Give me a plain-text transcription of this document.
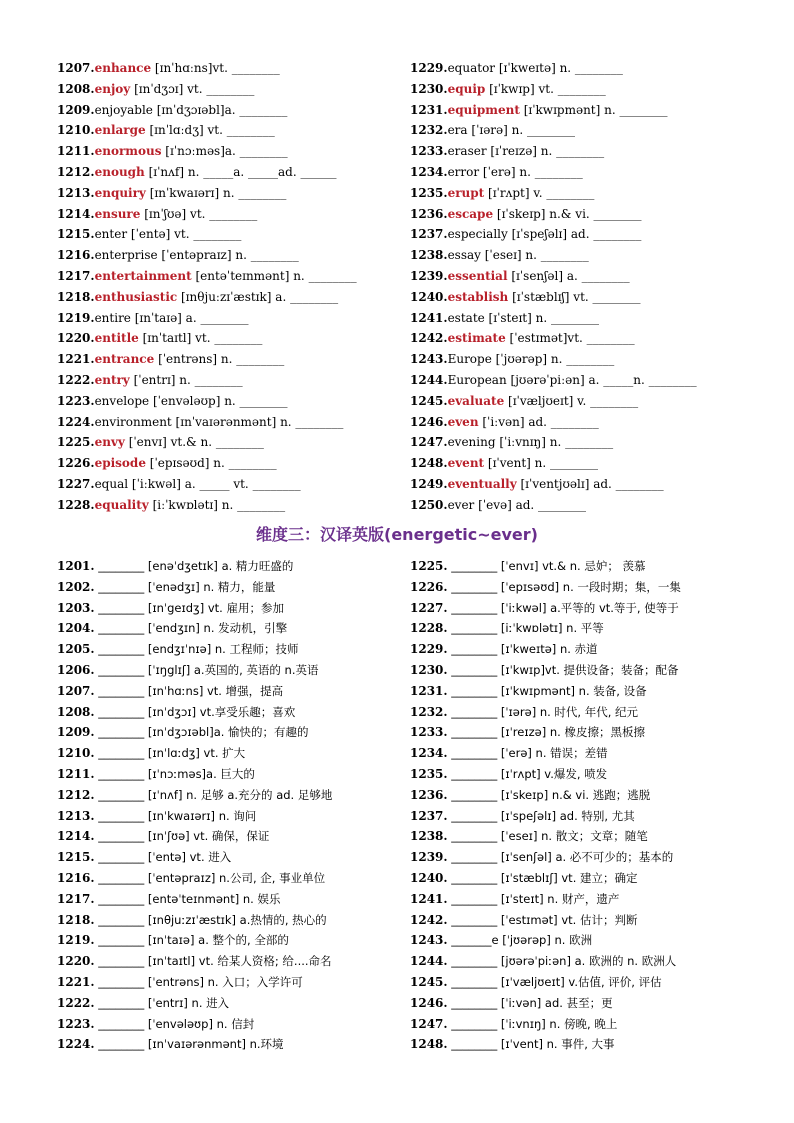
1207.enhance [ɪnˈhɑːns]vt. ________
1208.enjoy [ɪnˈdʒɔɪ] vt. ________
1209.enjoyable [ɪnˈdʒɔɪəbl]a. ________
1210.enlarge [ɪnˈlɑːdʒ] vt. ________
1211.enormous [ɪˈnɔːməs]a. ________
1212.enough [ɪˈnʌf] n. _____a. _____ad. ______
1213.enquiry [ɪnˈkwaɪərɪ] n. ________
1214.ensure [ɪnˈʃʊə] vt. ________
1215.enter [ˈentə] vt. ________
1216.enterprise [ˈentəpraɪz] n. ________
1217.entertainment [entəˈteɪnmənt] n. ________
1218.enthusiastic [ɪnθjuːzɪˈæstɪk] a. ________
1219.entire [ɪnˈtaɪə] a. ________
1220.entitle [ɪnˈtaɪtl] vt. ________
1221.entrance [ˈentrəns] n. ________
1222.entry [ˈentrɪ] n. ________
1223.envelope [ˈenvələʊp] n. ________
1224.environment [ɪnˈvaɪərənmənt] n. ________
1225.envy [ˈenvɪ] vt.& n. ________
1226.episode [ˈepɪsəʊd] n. ________
1227.equal [ˈiːkwəl] a. _____ vt. ________
1228.equality [iːˈkwɒlətɪ] n. ________
1229.equator [ɪˈkweɪtə] n. ________
1230.equip [ɪˈkwɪp] vt. ________
1231.equipment [ɪˈkwɪpmənt] n. ________
1232.era [ˈɪərə] n. ________
1233.eraser [ɪˈreɪzə] n. ________
1234.error [ˈerə] n. ________
1235.erupt [ɪˈrʌpt] v. ________
1236.escape [ɪˈskeɪp] n.& vi. ________
1237.especially [ɪˈspeʃəlɪ] ad. ________
1238.essay [ˈeseɪ] n. ________
1239.essential [ɪˈsenʃəl] a. ________
1240.establish [ɪˈstæblɪʃ] vt. ________
1241.estate [ɪˈsteɪt] n. ________
1242.estimate [ˈestɪmət]vt. ________
1243.Europe [ˈjʊərəp] n. ________
1244.European [jʊərəˈpiːən] a. _____n. ________
1245.evaluate [ɪˈvæljʊeɪt] v. ________
1246.even [ˈiːvən] ad. ________
1247.evening [ˈiːvnɪŋ] n. ________
1248.event [ɪˈvent] n. ________
1249.eventually [ɪˈventjʊəlɪ] ad. ________
1250.ever [ˈevə] ad. ________
维度三：汉译英版(energetic~ever)
1201. ________ [enəˈdʒetɪk] a. 精力旺盛的
1202. ________ [ˈenədʒɪ] n. 精力，能量
1203. ________ [ɪnˈgeɪdʒ] vt. 雇用；参加
1204. ________ [ˈendʒɪn] n. 发动机，引擎
1205. ________ [endʒɪˈnɪə] n. 工程师；技师
1206. ________ [ˈɪŋglɪʃ] a.英国的, 英语的 n.英语
1207. ________ [ɪnˈhɑːns] vt. 增强，提高
1208. ________ [ɪnˈdʒɔɪ] vt.享受乐趣；喜欢
1209. ________ [ɪnˈdʒɔɪəbl]a. 愉快的；有趣的
1210. ________ [ɪnˈlɑːdʒ] vt. 扩大
1211. ________ [ɪˈnɔːməs]a. 巨大的
1212. ________ [ɪˈnʌf] n. 足够 a.充分的 ad. 足够地
1213. ________ [ɪnˈkwaɪərɪ] n. 询问
1214. ________ [ɪnˈʃʊə] vt. 确保，保证
1215. ________ [ˈentə] vt. 进入
1216. ________ [ˈentəpraɪz] n.公司, 企, 事业单位
1217. ________ [entəˈteɪnmənt] n. 娱乐
1218. ________ [ɪnθjuːzɪˈæstɪk] a.热情的, 热心的
1219. ________ [ɪnˈtaɪə] a. 整个的, 全部的
1220. ________ [ɪnˈtaɪtl] vt. 给某人资格; 给....命名
1221. ________ [ˈentrəns] n. 入口；入学许可
1222. ________ [ˈentrɪ] n. 进入
1223. ________ [ˈenvələʊp] n. 信封
1224. ________ [ɪnˈvaɪərənmənt] n.环境
1225. ________ [ˈenvɪ] vt.& n. 忌妒； 羡慕
1226. ________ [ˈepɪsəʊd] n. 一段时期；集，一集
1227. ________ [ˈiːkwəl] a.平等的 vt.等于, 使等于
1228. ________ [iːˈkwɒlətɪ] n. 平等
1229. ________ [ɪˈkweɪtə] n. 赤道
1230. ________ [ɪˈkwɪp]vt. 提供设备；装备；配备
1231. ________ [ɪˈkwɪpmənt] n. 装备, 设备
1232. ________ [ˈɪərə] n. 时代, 年代, 纪元
1233. ________ [ɪˈreɪzə] n. 橡皮擦；黑板擦
1234. ________ [ˈerə] n. 错误；差错
1235. ________ [ɪˈrʌpt] v.爆发, 喷发
1236. ________ [ɪˈskeɪp] n.& vi. 逃跑；逃脱
1237. ________ [ɪˈspeʃəlɪ] ad. 特别, 尤其
1238. ________ [ˈeseɪ] n. 散文；文章；随笔
1239. ________ [ɪˈsenʃəl] a. 必不可少的；基本的
1240. ________ [ɪˈstæblɪʃ] vt. 建立；确定
1241. ________ [ɪˈsteɪt] n. 财产，遗产
1242. ________ [ˈestɪmət] vt. 估计；判断
1243. _______e [ˈjʊərəp] n. 欧洲
1244. ________ [jʊərəˈpiːən] a. 欧洲的 n. 欧洲人
1245. ________ [ɪˈvæljʊeɪt] v.估值, 评价, 评估
1246. ________ [ˈiːvən] ad. 甚至；更
1247. ________ [ˈiːvnɪŋ] n. 傍晚, 晚上
1248. ________ [ɪˈvent] n. 事件, 大事
